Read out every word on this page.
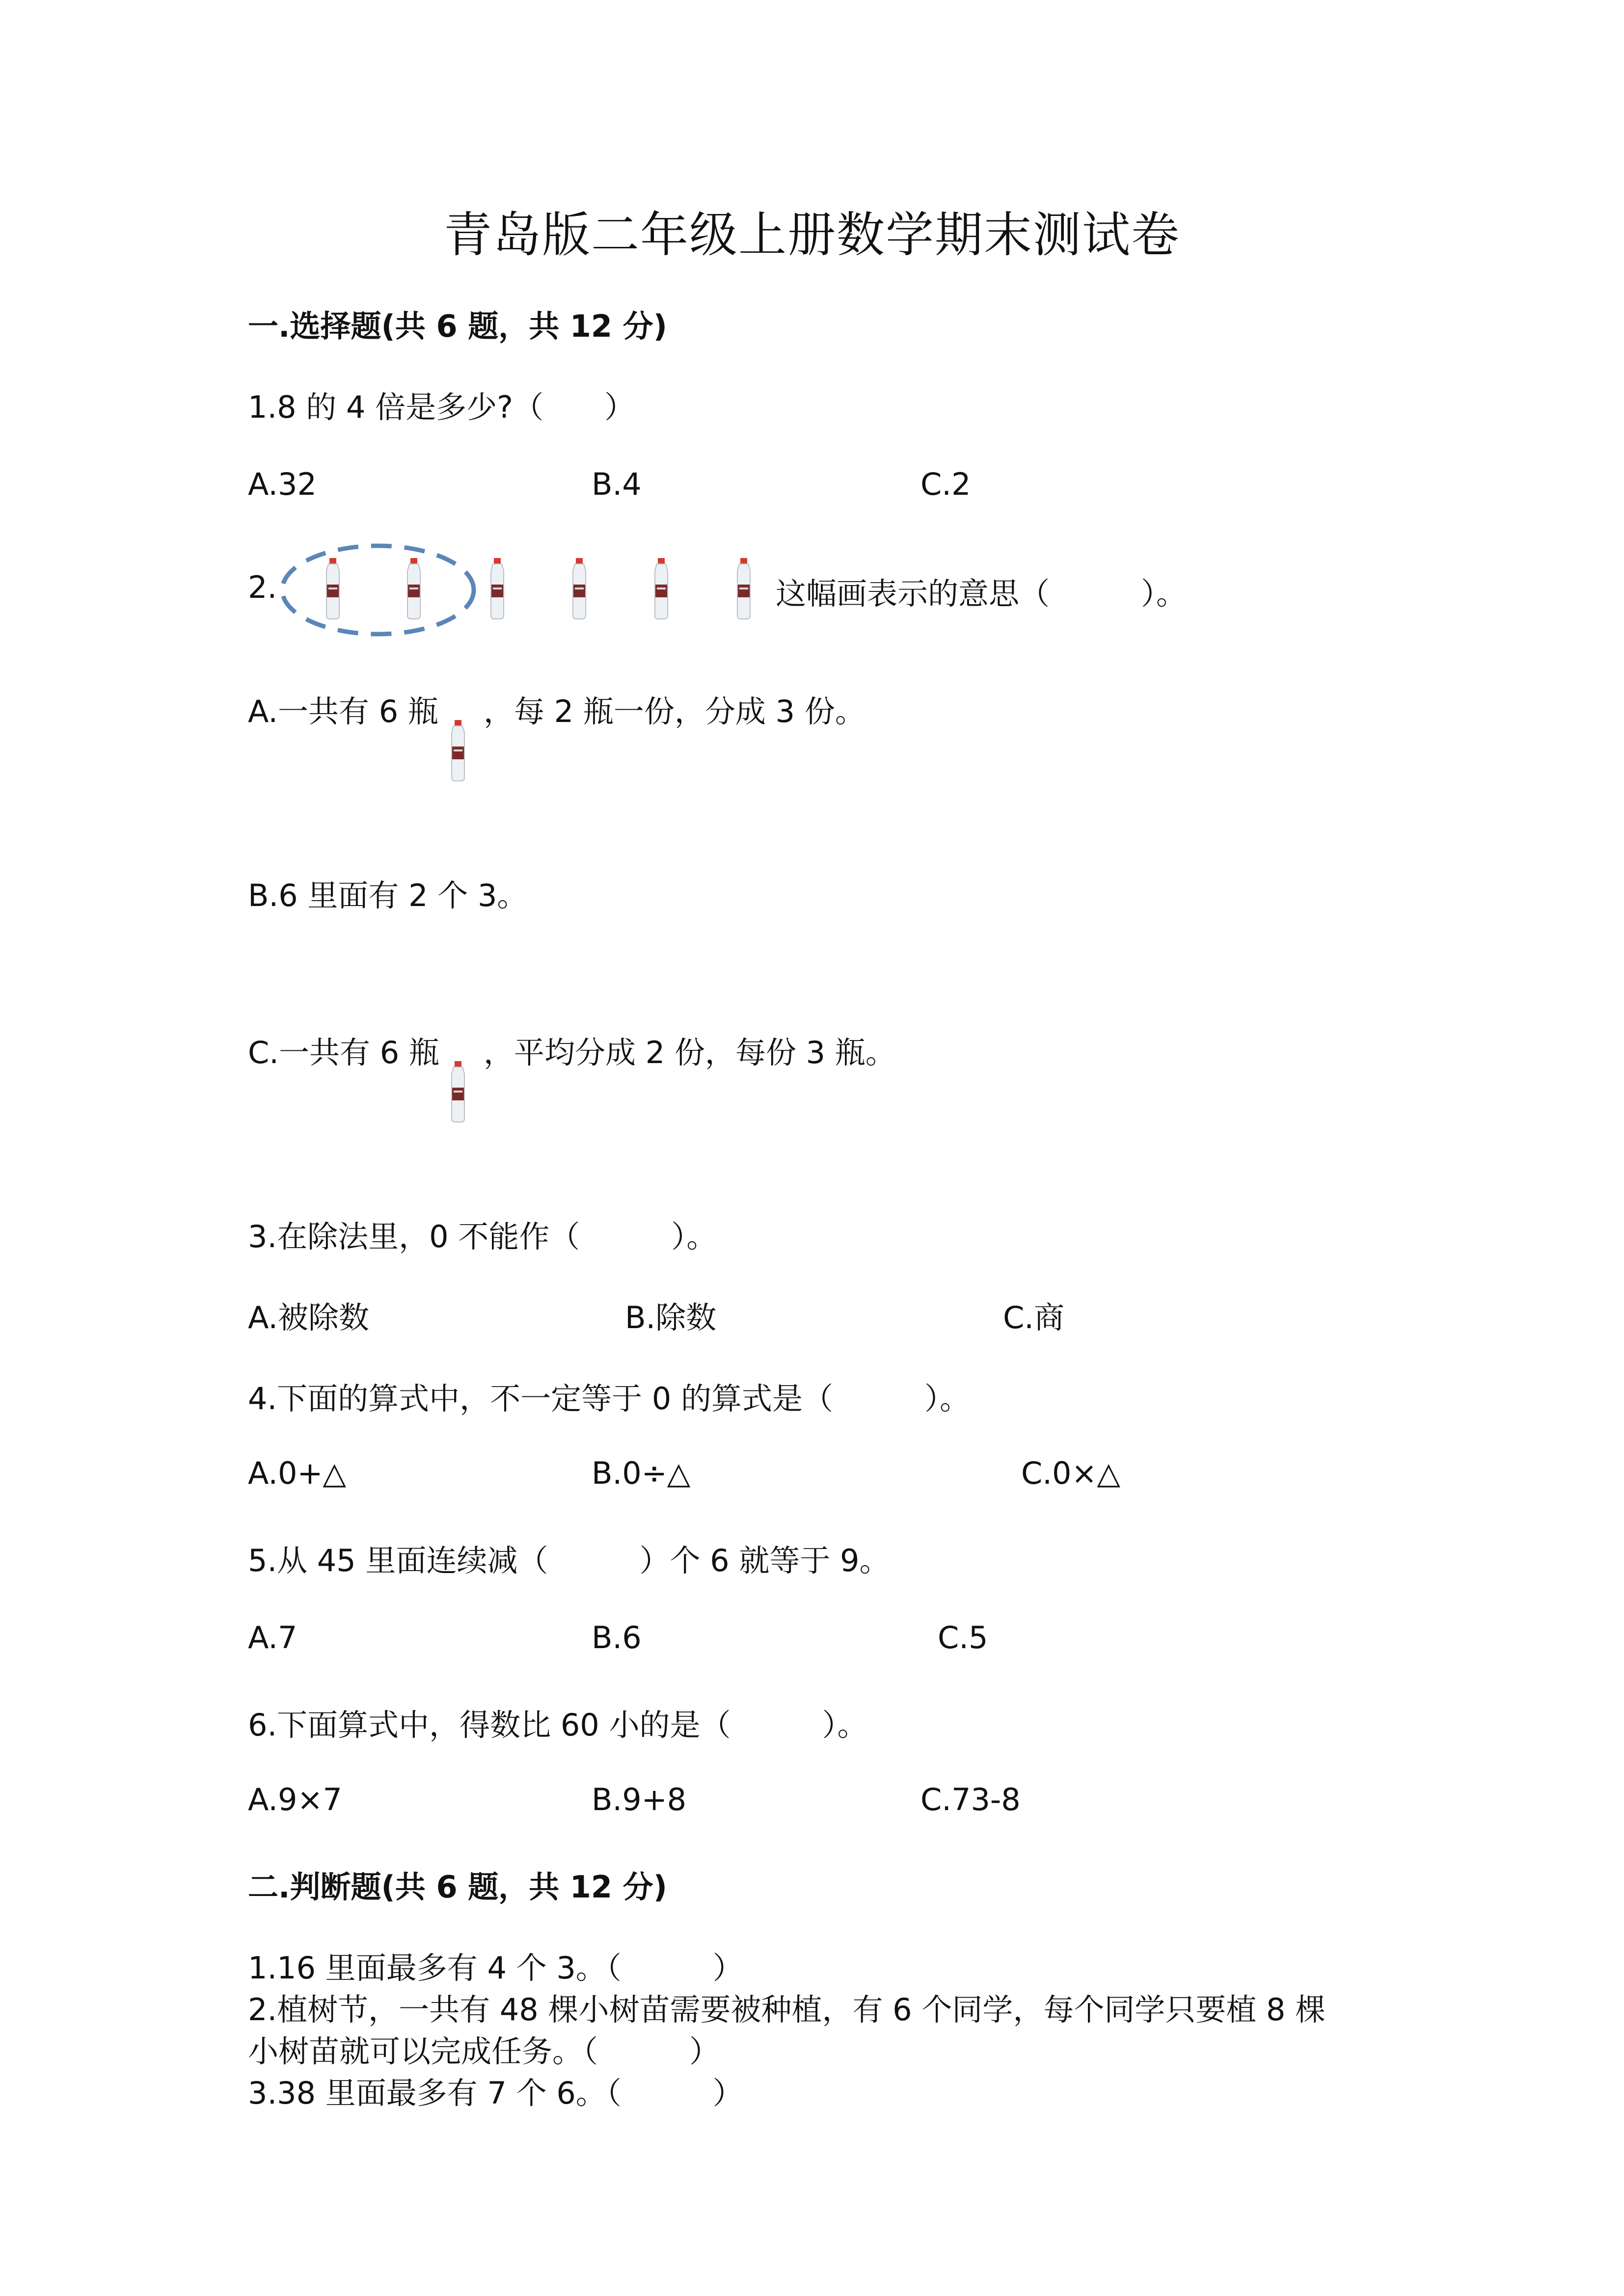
青岛版二年级上册数学期末测试卷
一.选择题(共 6 题，共 12 分)
1.8 的 4 倍是多少?（　　）
A.32	B.4	C.2
2.	这幅画表示的意思（　　　）。
A.一共有 6 瓶 ，每 2 瓶一份，分成 3 份。
B.6 里面有 2 个 3。
C.一共有 6 瓶 ，平均分成 2 份，每份 3 瓶。
3.在除法里，0 不能作（　　　）。
A.被除数	B.除数	C.商
4.下面的算式中，不一定等于 0 的算式是（　　　）。
A.0+△	B.0÷△	C.0×△
5.从 45 里面连续减（　　　）个 6 就等于 9。
A.7	B.6	C.5
6.下面算式中，得数比 60 小的是（　　　）。
A.9×7	B.9+8	C.73-8
二.判断题(共 6 题，共 12 分)
1.16 里面最多有 4 个 3。（　　　）
2.植树节，一共有 48 棵小树苗需要被种植，有 6 个同学，每个同学只要植 8 棵
小树苗就可以完成任务。（　　　）
3.38 里面最多有 7 个 6。（　　　）
